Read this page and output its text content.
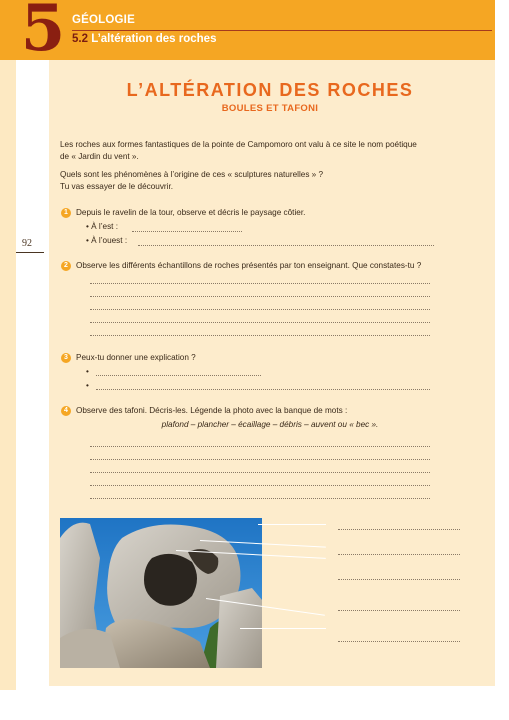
5 GÉOLOGIE
5.2 L’altération des roches
92
L’ALTÉRATION DES ROCHES
BOULES ET TAFONI
Les roches aux formes fantastiques de la pointe de Campomoro ont valu à ce site le nom poétique
de « Jardin du vent ».
Quels sont les phénomènes à l’origine de ces « sculptures naturelles » ?
Tu vas essayer de le découvrir.
1 Depuis le ravelin de la tour, observe et décris le paysage côtier.
• À l’est :
• À l’ouest :
2 Observe les différents échantillons de roches présentés par ton enseignant. Que constates-tu ?
3 Peux-tu donner une explication ?
•
•
4 Observe des tafoni. Décris-les. Légende la photo avec la banque de mots :
plafond – plancher – écaillage – débris – auvent ou « bec ».
